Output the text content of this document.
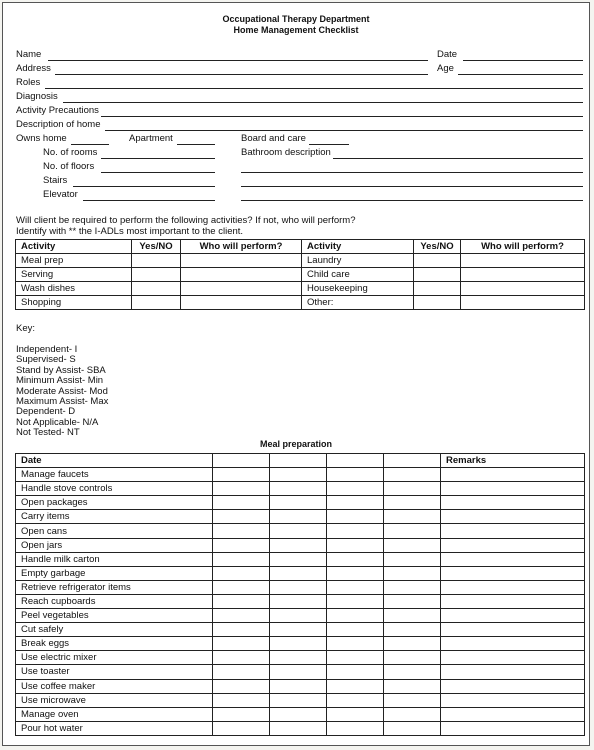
Occupational Therapy Department
Home Management Checklist
Name	Date
Address	Age
Roles
Diagnosis
Activity Precautions
Description of home
Owns home	Apartment	Board and care
No. of rooms	Bathroom description
No. of floors
Stairs
Elevator
Will client be required to perform the following activities? If not, who will perform?
Identify with ** the I-ADLs most important to the client.
Activity	Yes/NO	Who will perform?	Activity	Yes/NO	Who will perform?
Meal prep			Laundry		
Serving			Child care		
Wash dishes			Housekeeping		
Shopping			Other:		
Key:
Meal preparation
Date					Remarks
Manage faucets					
Handle stove controls					
Open packages					
Carry items					
Open cans					
Open jars					
Handle milk carton					
Empty garbage					
Retrieve refrigerator items					
Reach cupboards					
Peel vegetables					
Cut safely					
Break eggs					
Use electric mixer					
Use toaster					
Use coffee maker					
Use microwave					
Manage oven					
Pour hot water					
Independent- I
Supervised- S
Stand by Assist- SBA
Minimum Assist- Min
Moderate Assist- Mod
Maximum Assist- Max
Dependent- D
Not Applicable- N/A
Not Tested- NT
